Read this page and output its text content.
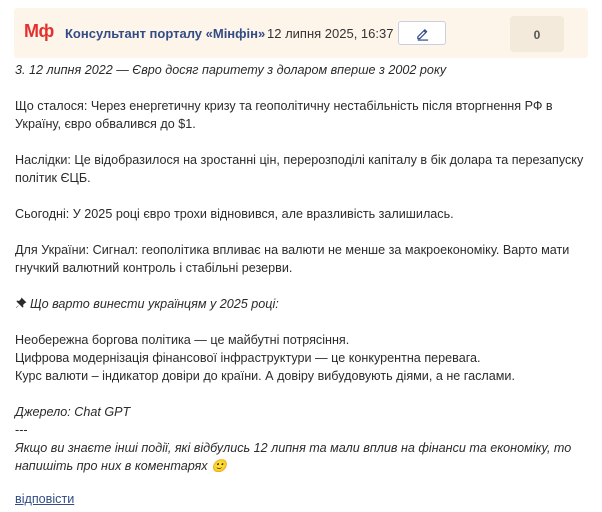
Мф Консультант порталу «Мінфін» 12 липня 2025, 16:37	0

3. 12 липня 2022 — Євро досяг паритету з доларом вперше з 2002 року

Що сталося: Через енергетичну кризу та геополітичну нестабільність після вторгнення РФ в Україну, євро обвалився до $1.

Наслідки: Це відобразилося на зростанні цін, перерозподілі капіталу в бік долара та перезапуску політик ЄЦБ.

Сьогодні: У 2025 році євро трохи відновився, але вразливість залишилась.

Для України: Сигнал: геополітика впливає на валюти не менше за макроекономіку. Варто мати гнучкий валютний контроль і стабільні резерви.

Що варто винести українцям у 2025 році:

Необережна боргова політика — це майбутні потрясіння.

Цифрова модернізація фінансової інфраструктури — це конкурентна перевага.

Курс валюти – індикатор довіри до країни. А довіру вибудовують діями, а не гаслами.

Джерело: Chat GPT

---

Якщо ви знаєте інші події, які відбулись 12 липня та мали вплив на фінанси та економіку, то напишіть про них в коментарях 🙂

відповісти
